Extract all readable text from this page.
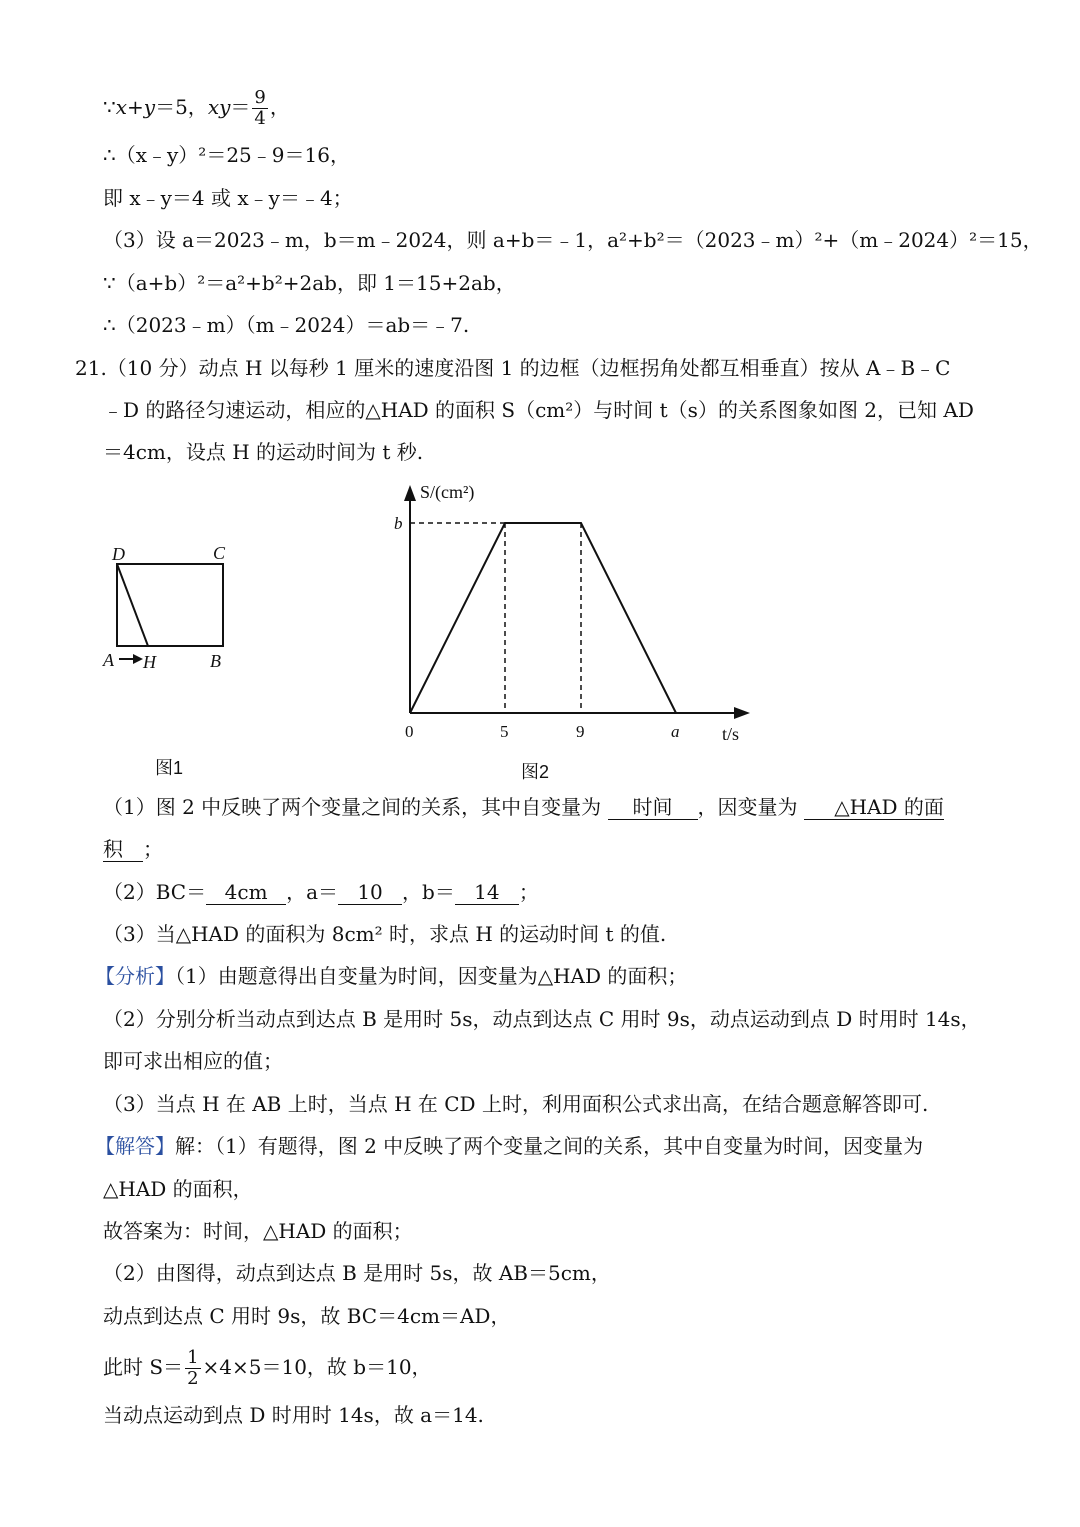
∵x+y＝5，$xy= \frac{9}{4}$ ，
∴（x﹣y）²＝25﹣9＝16，
即 x﹣y＝4 或 x﹣y＝﹣4；
（3）设 a＝2023﹣m，b＝m﹣2024，则 a+b＝﹣1，a²+b²＝（2023﹣m）²+（m﹣2024）²＝15，
∵（a+b）²＝a²+b²+2ab，即 1＝15+2ab，
∴（2023﹣m）（m﹣2024）＝ab＝﹣7.
21.（10 分）动点 H 以每秒 1 厘米的速度沿图 1 的边框（边框拐角处都互相垂直）按从 A﹣B﹣C
﹣D 的路径匀速运动，相应的△HAD 的面积 S（cm²）与时间 t（s）的关系图象如图 2，已知 AD
＝4cm，设点 H 的运动时间为 t 秒.
D	C
A H	B
图1
S/(cm²)
t/s
0	5	9	a
b
图2
（1）图 2 中反映了两个变量之间的关系，其中自变量为 时间 ，因变量为 △HAD 的面
积 ；
（2）BC＝ 4cm ，a＝ 10 ，b＝ 14 ；
（3）当△HAD 的面积为 8cm² 时，求点 H 的运动时间 t 的值.
【分析】（1）由题意得出自变量为时间，因变量为△HAD 的面积；
（2）分别分析当动点到达点 B 是用时 5s，动点到达点 C 用时 9s，动点运动到点 D 时用时 14s，
即可求出相应的值；
（3）当点 H 在 AB 上时，当点 H 在 CD 上时，利用面积公式求出高，在结合题意解答即可.
【解答】解：（1）有题得，图 2 中反映了两个变量之间的关系，其中自变量为时间，因变量为
△HAD 的面积，
故答案为：时间，△HAD 的面积；
（2）由图得，动点到达点 B 是用时 5s，故 AB＝5cm，
动点到达点 C 用时 9s，故 BC＝4cm＝AD，
此时 $S= \frac{1}{2} \times 4\times 5=10$，故 b＝10，
当动点运动到点 D 时用时 14s，故 a＝14.
